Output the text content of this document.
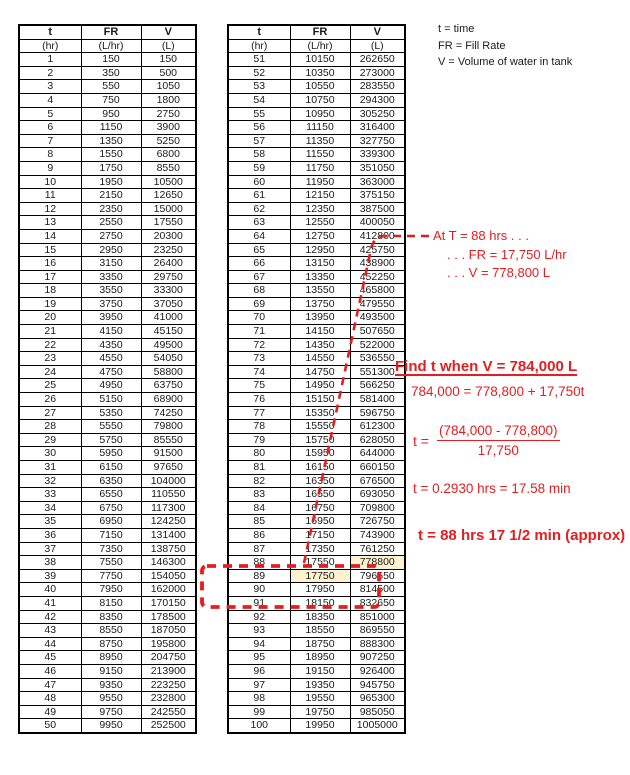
t	FR	V
(hr)	(L/hr)	(L)
1	150	150
2	350	500
3	550	1050
4	750	1800
5	950	2750
6	1150	3900
7	1350	5250
8	1550	6800
9	1750	8550
10	1950	10500
11	2150	12650
12	2350	15000
13	2550	17550
14	2750	20300
15	2950	23250
16	3150	26400
17	3350	29750
18	3550	33300
19	3750	37050
20	3950	41000
21	4150	45150
22	4350	49500
23	4550	54050
24	4750	58800
25	4950	63750
26	5150	68900
27	5350	74250
28	5550	79800
29	5750	85550
30	5950	91500
31	6150	97650
32	6350	104000
33	6550	110550
34	6750	117300
35	6950	124250
36	7150	131400
37	7350	138750
38	7550	146300
39	7750	154050
40	7950	162000
41	8150	170150
42	8350	178500
43	8550	187050
44	8750	195800
45	8950	204750
46	9150	213900
47	9350	223250
48	9550	232800
49	9750	242550
50	9950	252500
t	FR	V
(hr)	(L/hr)	(L)
51	10150	262650
52	10350	273000
53	10550	283550
54	10750	294300
55	10950	305250
56	11150	316400
57	11350	327750
58	11550	339300
59	11750	351050
60	11950	363000
61	12150	375150
62	12350	387500
63	12550	400050
64	12750	412800
65	12950	425750
66	13150	438900
67	13350	452250
68	13550	465800
69	13750	479550
70	13950	493500
71	14150	507650
72	14350	522000
73	14550	536550
74	14750	551300
75	14950	566250
76	15150	581400
77	15350	596750
78	15550	612300
79	15750	628050
80	15950	644000
81	16150	660150
82	16350	676500
83	16550	693050
84	16750	709800
85	16950	726750
86	17150	743900
87	17350	761250
88	17550	778800
89	17750	796550
90	17950	814500
91	18150	832650
92	18350	851000
93	18550	869550
94	18750	888300
95	18950	907250
96	19150	926400
97	19350	945750
98	19550	965300
99	19750	985050
100	19950	1005000
t = time
FR = Fill Rate
V = Volume of water in tank
At T = 88 hrs . . .
. . . FR = 17,750 L/hr
. . . V = 778,800 L
Find t when V = 784,000 L
784,000 = 778,800 + 17,750t
$t = \frac{(784,000 - 778,800)}{17,750}$
t = 0.2930 hrs = 17.58 min
t = 88 hrs 17 1/2 min (approx)
